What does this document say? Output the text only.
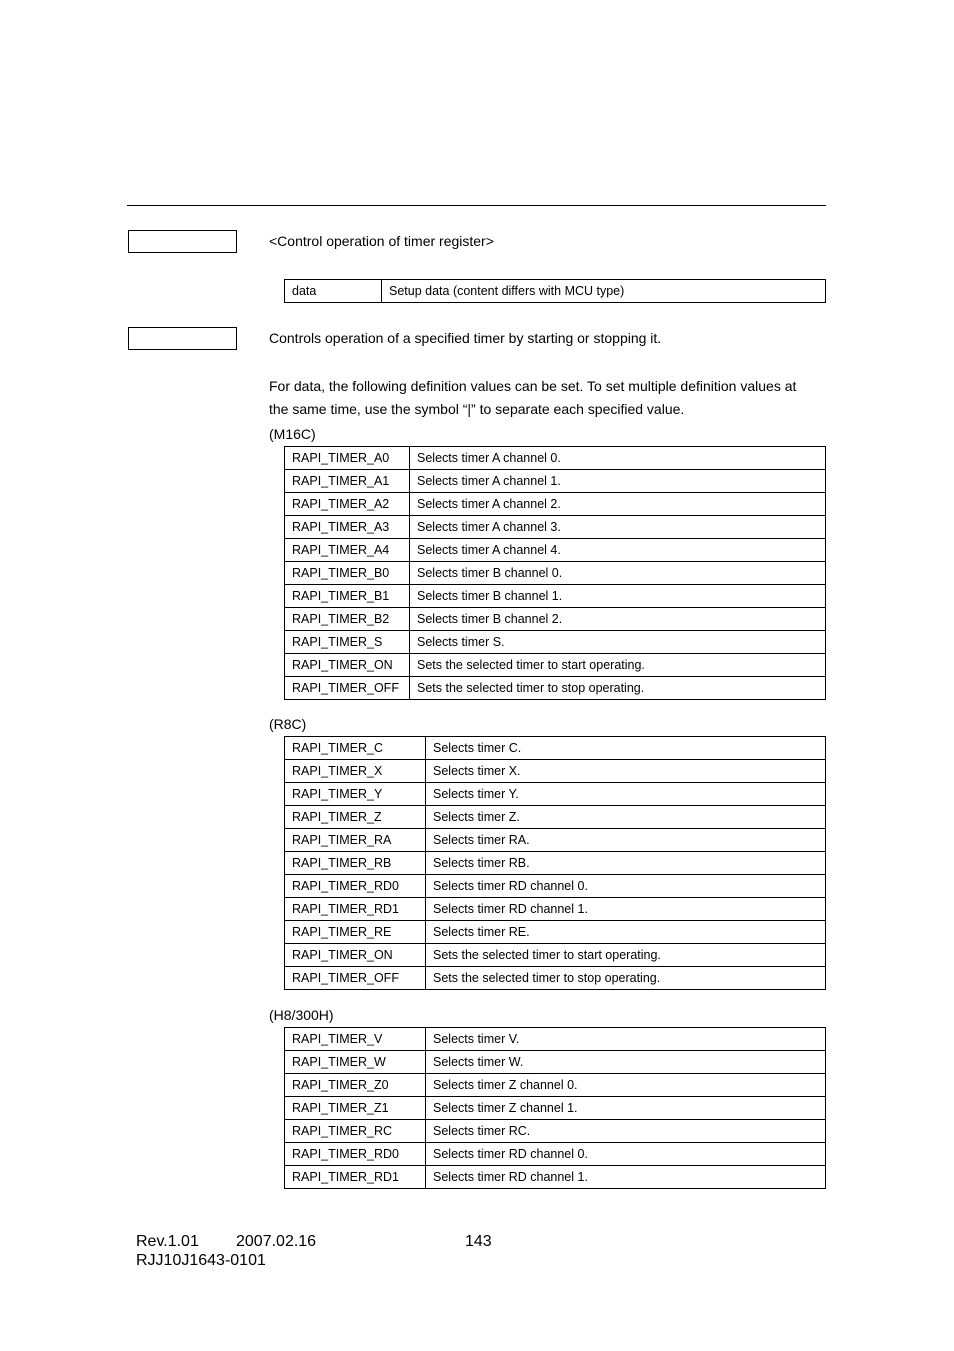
<Control operation of timer register>
data	Setup data (content differs with MCU type)
Controls operation of a specified timer by starting or stopping it.
For data, the following definition values can be set. To set multiple definition values at
the same time, use the symbol “|” to separate each specified value.
(M16C)
RAPI_TIMER_A0	Selects timer A channel 0.
RAPI_TIMER_A1	Selects timer A channel 1.
RAPI_TIMER_A2	Selects timer A channel 2.
RAPI_TIMER_A3	Selects timer A channel 3.
RAPI_TIMER_A4	Selects timer A channel 4.
RAPI_TIMER_B0	Selects timer B channel 0.
RAPI_TIMER_B1	Selects timer B channel 1.
RAPI_TIMER_B2	Selects timer B channel 2.
RAPI_TIMER_S	Selects timer S.
RAPI_TIMER_ON	Sets the selected timer to start operating.
RAPI_TIMER_OFF	Sets the selected timer to stop operating.
(R8C)
RAPI_TIMER_C	Selects timer C.
RAPI_TIMER_X	Selects timer X.
RAPI_TIMER_Y	Selects timer Y.
RAPI_TIMER_Z	Selects timer Z.
RAPI_TIMER_RA	Selects timer RA.
RAPI_TIMER_RB	Selects timer RB.
RAPI_TIMER_RD0	Selects timer RD channel 0.
RAPI_TIMER_RD1	Selects timer RD channel 1.
RAPI_TIMER_RE	Selects timer RE.
RAPI_TIMER_ON	Sets the selected timer to start operating.
RAPI_TIMER_OFF	Sets the selected timer to stop operating.
(H8/300H)
RAPI_TIMER_V	Selects timer V.
RAPI_TIMER_W	Selects timer W.
RAPI_TIMER_Z0	Selects timer Z channel 0.
RAPI_TIMER_Z1	Selects timer Z channel 1.
RAPI_TIMER_RC	Selects timer RC.
RAPI_TIMER_RD0	Selects timer RD channel 0.
RAPI_TIMER_RD1	Selects timer RD channel 1.
Rev.1.01 2007.02.16	143
RJJ10J1643-0101
